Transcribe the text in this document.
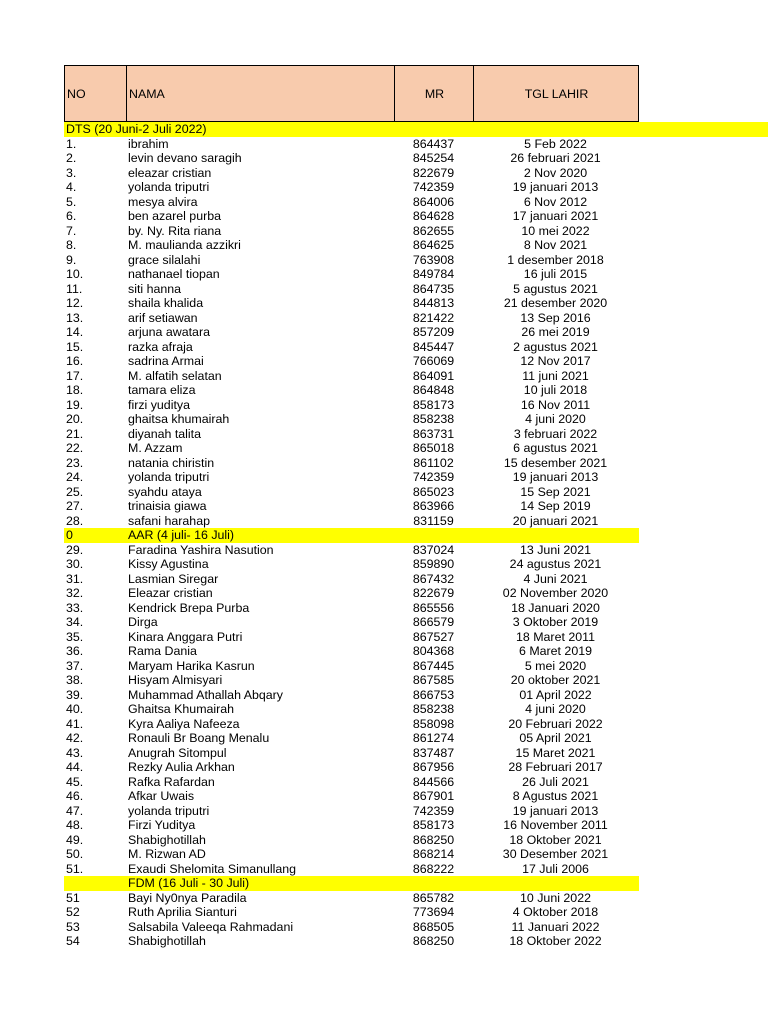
NO	NAMA	MR	TGL LAHIR
DTS (20 Juni-2 Juli 2022)
1.	ibrahim	864437	5 Feb 2022
2.	levin devano saragih	845254	26 februari 2021
3.	eleazar cristian	822679	2 Nov 2020
4.	yolanda triputri	742359	19 januari 2013
5.	mesya alvira	864006	6 Nov 2012
6.	ben azarel purba	864628	17 januari 2021
7.	by. Ny. Rita riana	862655	10 mei 2022
8.	M. maulianda azzikri	864625	8 Nov 2021
9.	grace silalahi	763908	1 desember 2018
10.	nathanael tiopan	849784	16 juli 2015
11.	siti hanna	864735	5 agustus 2021
12.	shaila khalida	844813	21 desember 2020
13.	arif setiawan	821422	13 Sep 2016
14.	arjuna awatara	857209	26 mei 2019
15.	razka afraja	845447	2 agustus 2021
16.	sadrina Armai	766069	12 Nov 2017
17.	M. alfatih selatan	864091	11 juni 2021
18.	tamara eliza	864848	10 juli 2018
19.	firzi yuditya	858173	16 Nov 2011
20.	ghaitsa khumairah	858238	4 juni 2020
21.	diyanah talita	863731	3 februari 2022
22.	M. Azzam	865018	6 agustus 2021
23.	natania chiristin	861102	15 desember 2021
24.	yolanda triputri	742359	19 januari 2013
25.	syahdu ataya	865023	15 Sep 2021
27.	trinaisia giawa	863966	14 Sep 2019
28.	safani harahap	831159	20 januari 2021
0	AAR (4 juli- 16 Juli)
29.	Faradina Yashira Nasution	837024	13 Juni 2021
30.	Kissy Agustina	859890	24 agustus 2021
31.	Lasmian Siregar	867432	4 Juni 2021
32.	Eleazar cristian	822679	02 November 2020
33.	Kendrick Brepa Purba	865556	18 Januari 2020
34.	Dirga	866579	3 Oktober 2019
35.	Kinara Anggara Putri	867527	18 Maret 2011
36.	Rama Dania	804368	6 Maret 2019
37.	Maryam Harika Kasrun	867445	5 mei 2020
38.	Hisyam Almisyari	867585	20 oktober 2021
39.	Muhammad Athallah Abqary	866753	01 April 2022
40.	Ghaitsa Khumairah	858238	4 juni 2020
41.	Kyra Aaliya Nafeeza	858098	20 Februari 2022
42.	Ronauli Br Boang Menalu	861274	05 April 2021
43.	Anugrah Sitompul	837487	15 Maret 2021
44.	Rezky Aulia Arkhan	867956	28 Februari 2017
45.	Rafka Rafardan	844566	26 Juli 2021
46.	Afkar Uwais	867901	8 Agustus 2021
47.	yolanda triputri	742359	19 januari 2013
48.	Firzi Yuditya	858173	16 November 2011
49.	Shabighotillah	868250	18 Oktober 2021
50.	M. Rizwan AD	868214	30 Desember 2021
51.	Exaudi Shelomita Simanullang	868222	17 Juli 2006
FDM (16 Juli - 30 Juli)
51	Bayi Ny0nya Paradila	865782	10 Juni 2022
52	Ruth Aprilia Sianturi	773694	4 Oktober 2018
53	Salsabila Valeeqa Rahmadani	868505	11 Januari 2022
54	Shabighotillah	868250	18 Oktober 2022
